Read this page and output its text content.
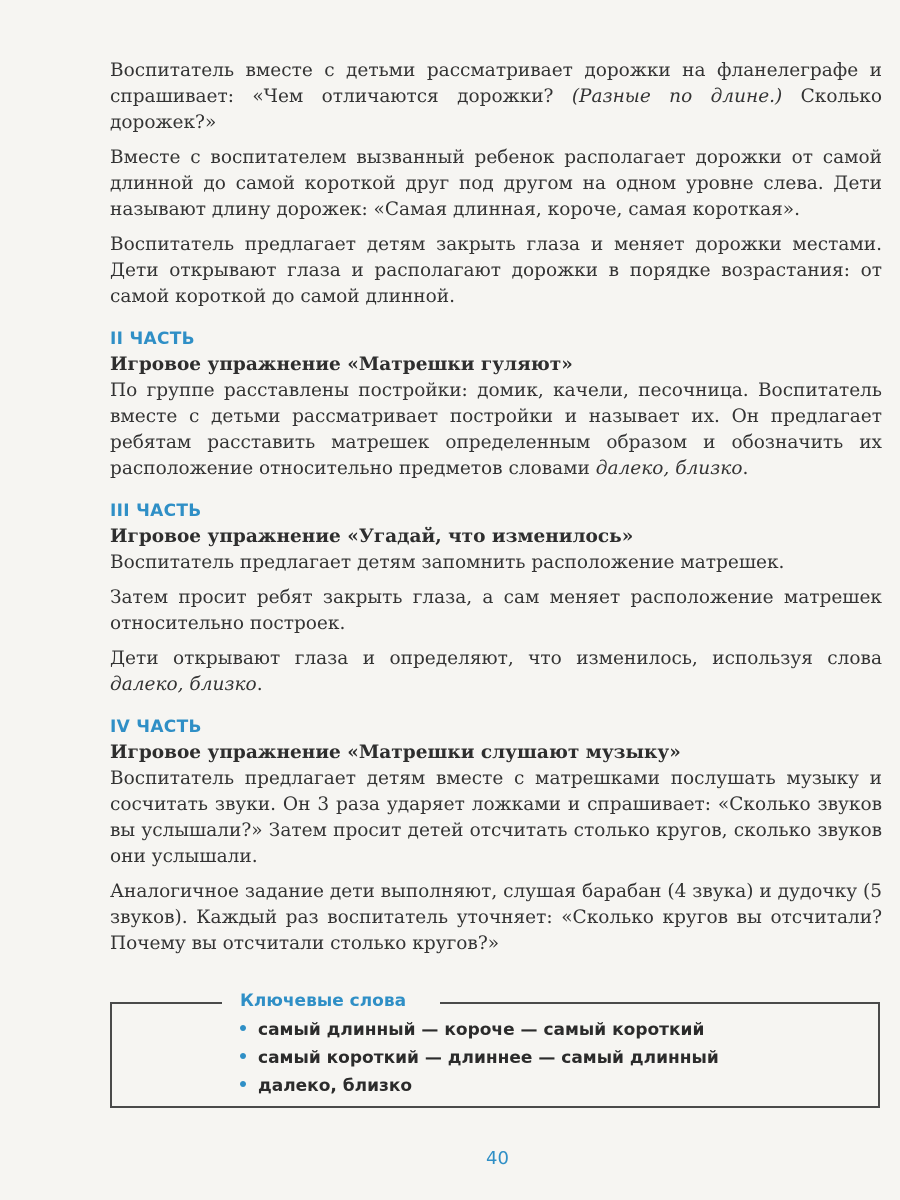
Воспитатель вместе с детьми рассматривает дорожки на фланелеграфе и спрашивает: «Чем отличаются дорожки? (Разные по длине.) Сколько дорожек?»

Вместе с воспитателем вызванный ребенок располагает дорожки от самой длинной до самой короткой друг под другом на одном уровне слева. Дети называют длину дорожек: «Самая длинная, короче, самая короткая».

Воспитатель предлагает детям закрыть глаза и меняет дорожки местами. Дети открывают глаза и располагают дорожки в порядке возрастания: от самой короткой до самой длинной.

II ЧАСТЬ
Игровое упражнение «Матрешки гуляют»

По группе расставлены постройки: домик, качели, песочница. Воспитатель вместе с детьми рассматривает постройки и называет их. Он предлагает ребятам расставить матрешек определенным образом и обозначить их расположение относительно предметов словами далеко, близко.

III ЧАСТЬ
Игровое упражнение «Угадай, что изменилось»

Воспитатель предлагает детям запомнить расположение матрешек.

Затем просит ребят закрыть глаза, а сам меняет расположение матрешек относительно построек.

Дети открывают глаза и определяют, что изменилось, используя слова далеко, близко.

IV ЧАСТЬ
Игровое упражнение «Матрешки слушают музыку»

Воспитатель предлагает детям вместе с матрешками послушать музыку и сосчитать звуки. Он 3 раза ударяет ложками и спрашивает: «Сколько звуков вы услышали?» Затем просит детей отсчитать столько кругов, сколько звуков они услышали.

Аналогичное задание дети выполняют, слушая барабан (4 звука) и дудочку (5 звуков). Каждый раз воспитатель уточняет: «Сколько кругов вы отсчитали? Почему вы отсчитали столько кругов?»

Ключевые слова
самый длинный — короче — самый короткий
самый короткий — длиннее — самый длинный
далеко, близко
40
